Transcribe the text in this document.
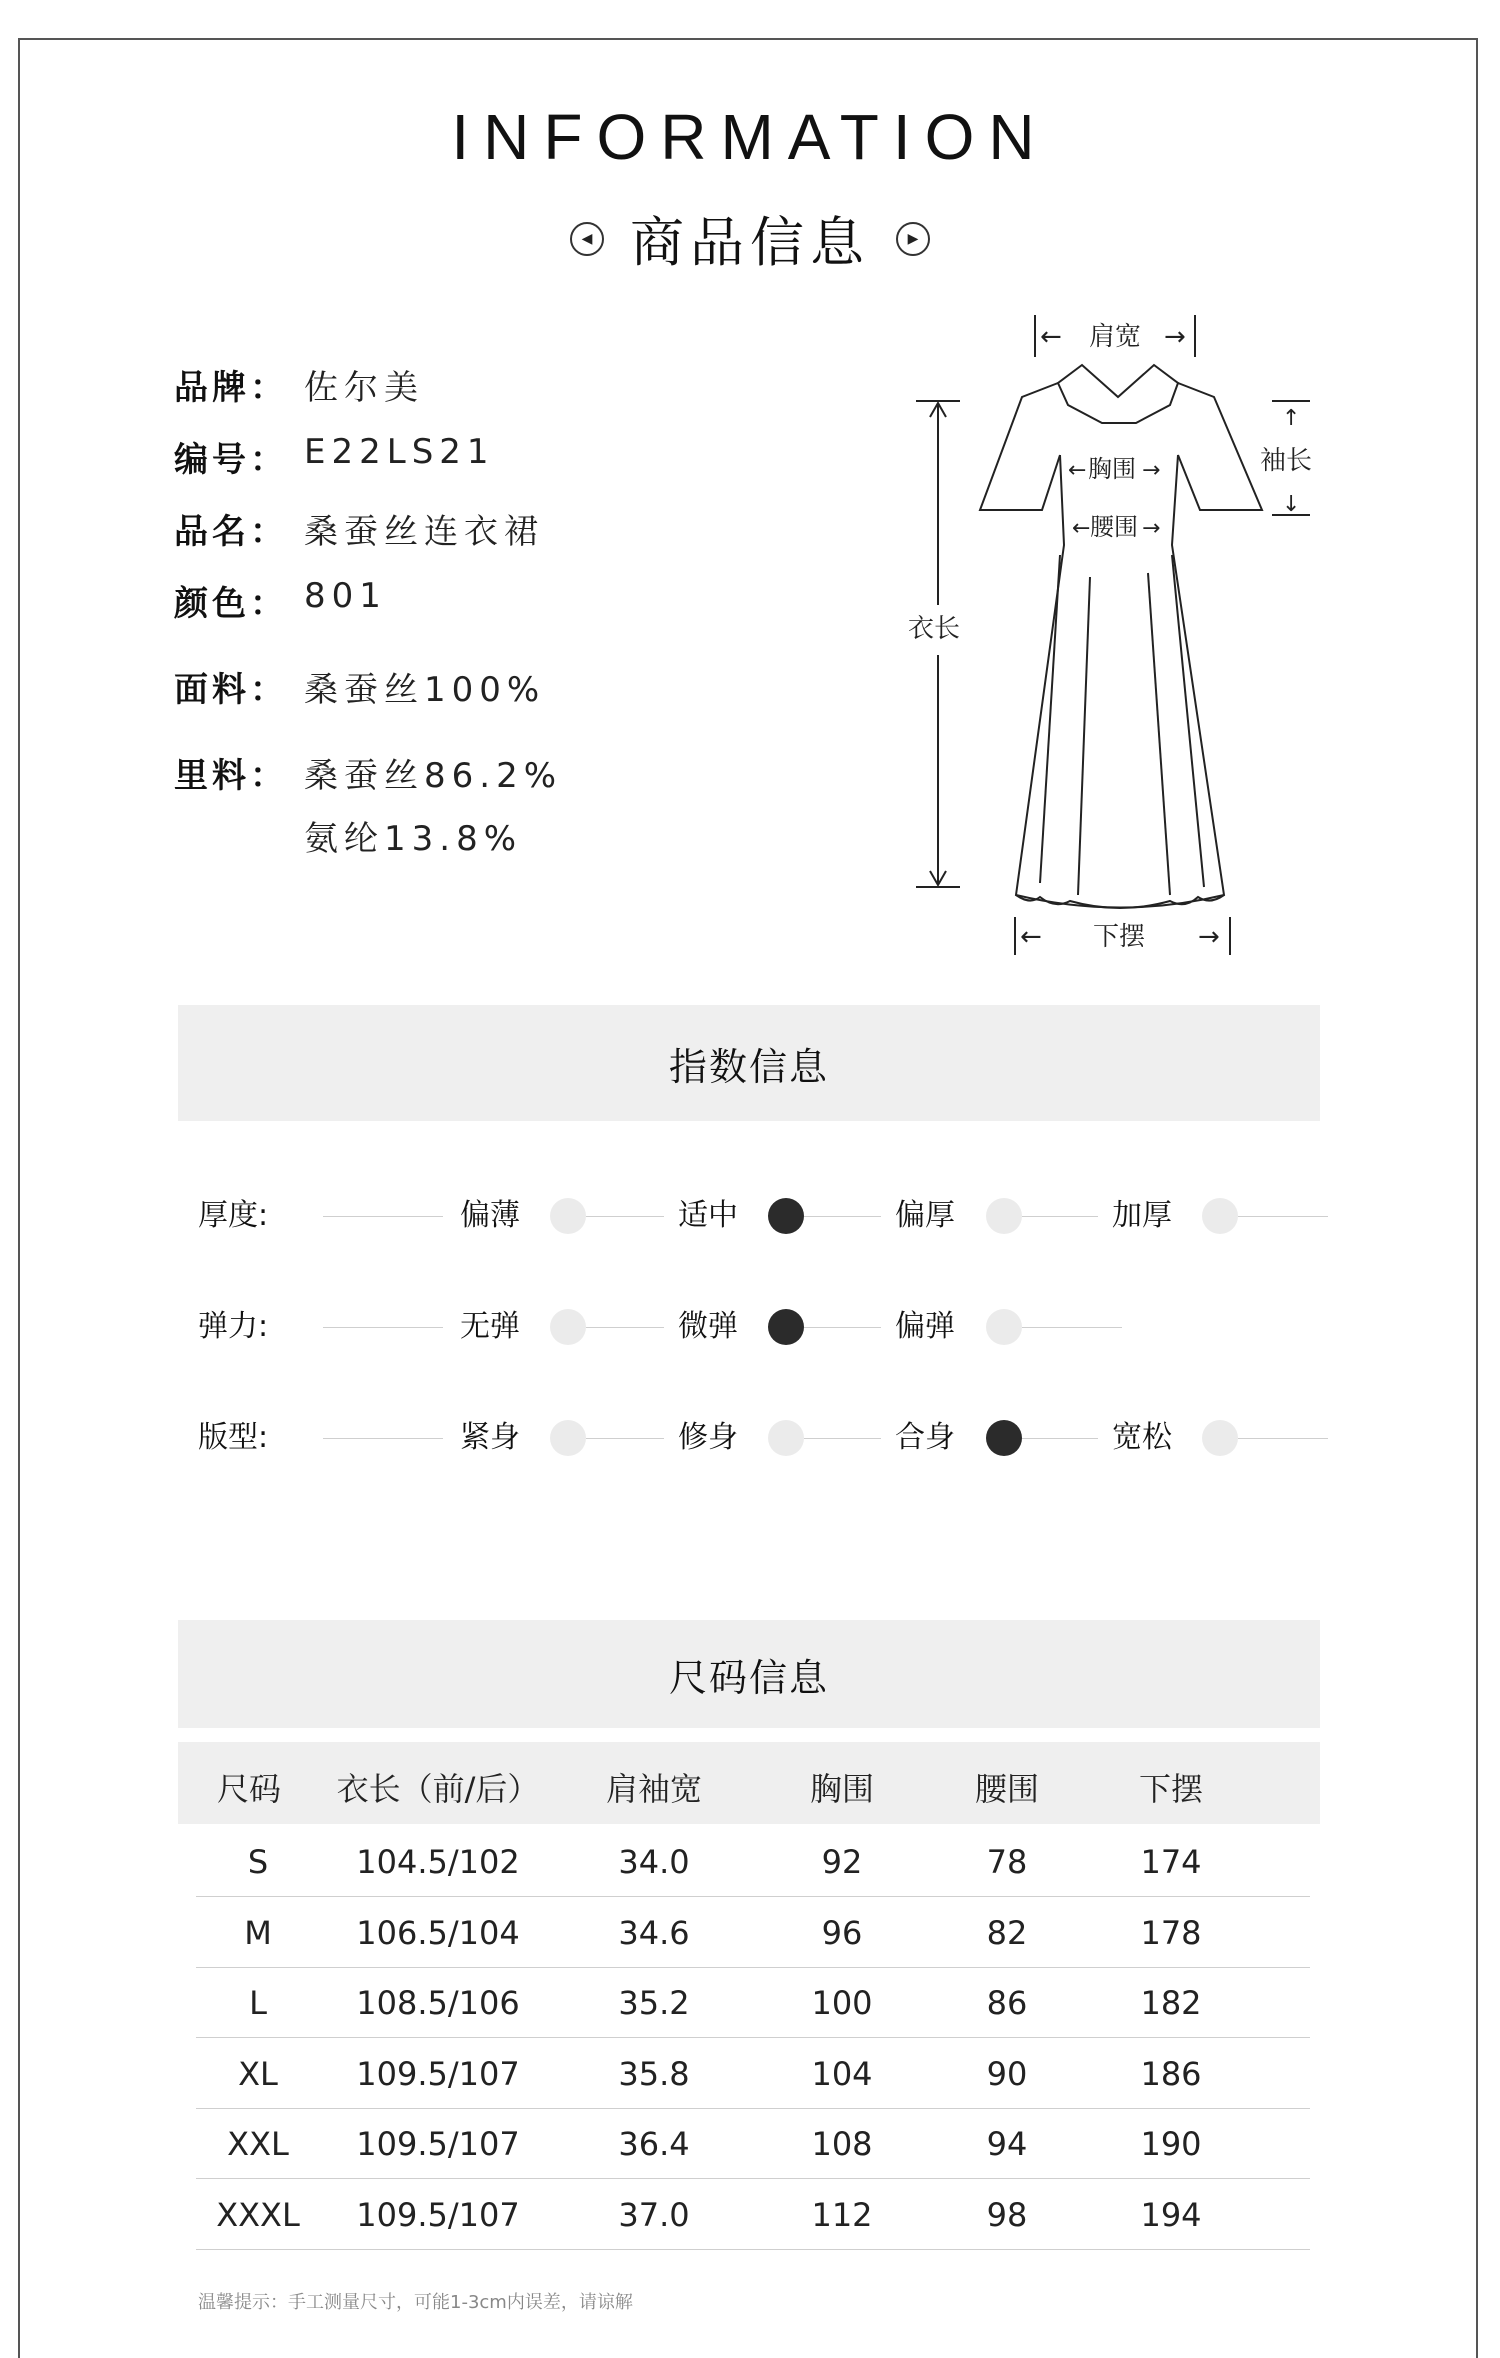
INFORMATION
◀ 商品信息	▶
品牌： 佐尔美
编号： E22LS21
品名： 桑蚕丝连衣裙
颜色： 801
面料： 桑蚕丝100%
里料： 桑蚕丝86.2%
氨纶13.8%
←	→
肩宽
← 胸围 →
← 腰围 →
↑
↓
袖长
衣长
←	→
下摆
指数信息
厚度:	偏薄	适中	偏厚	加厚
弹力:	无弹	微弹	偏弹
版型:	紧身	修身	合身	宽松
尺码信息
尺码	衣长（前/后）	肩袖宽	胸围	腰围	下摆
S	104.5/102	34.0	92	78	174
M	106.5/104	34.6	96	82	178
L	108.5/106	35.2	100	86	182
XL	109.5/107	35.8	104	90	186
XXL	109.5/107	36.4	108	94	190
XXXL	109.5/107	37.0	112	98	194
温馨提示：手工测量尺寸，可能1-3cm内误差，请谅解
